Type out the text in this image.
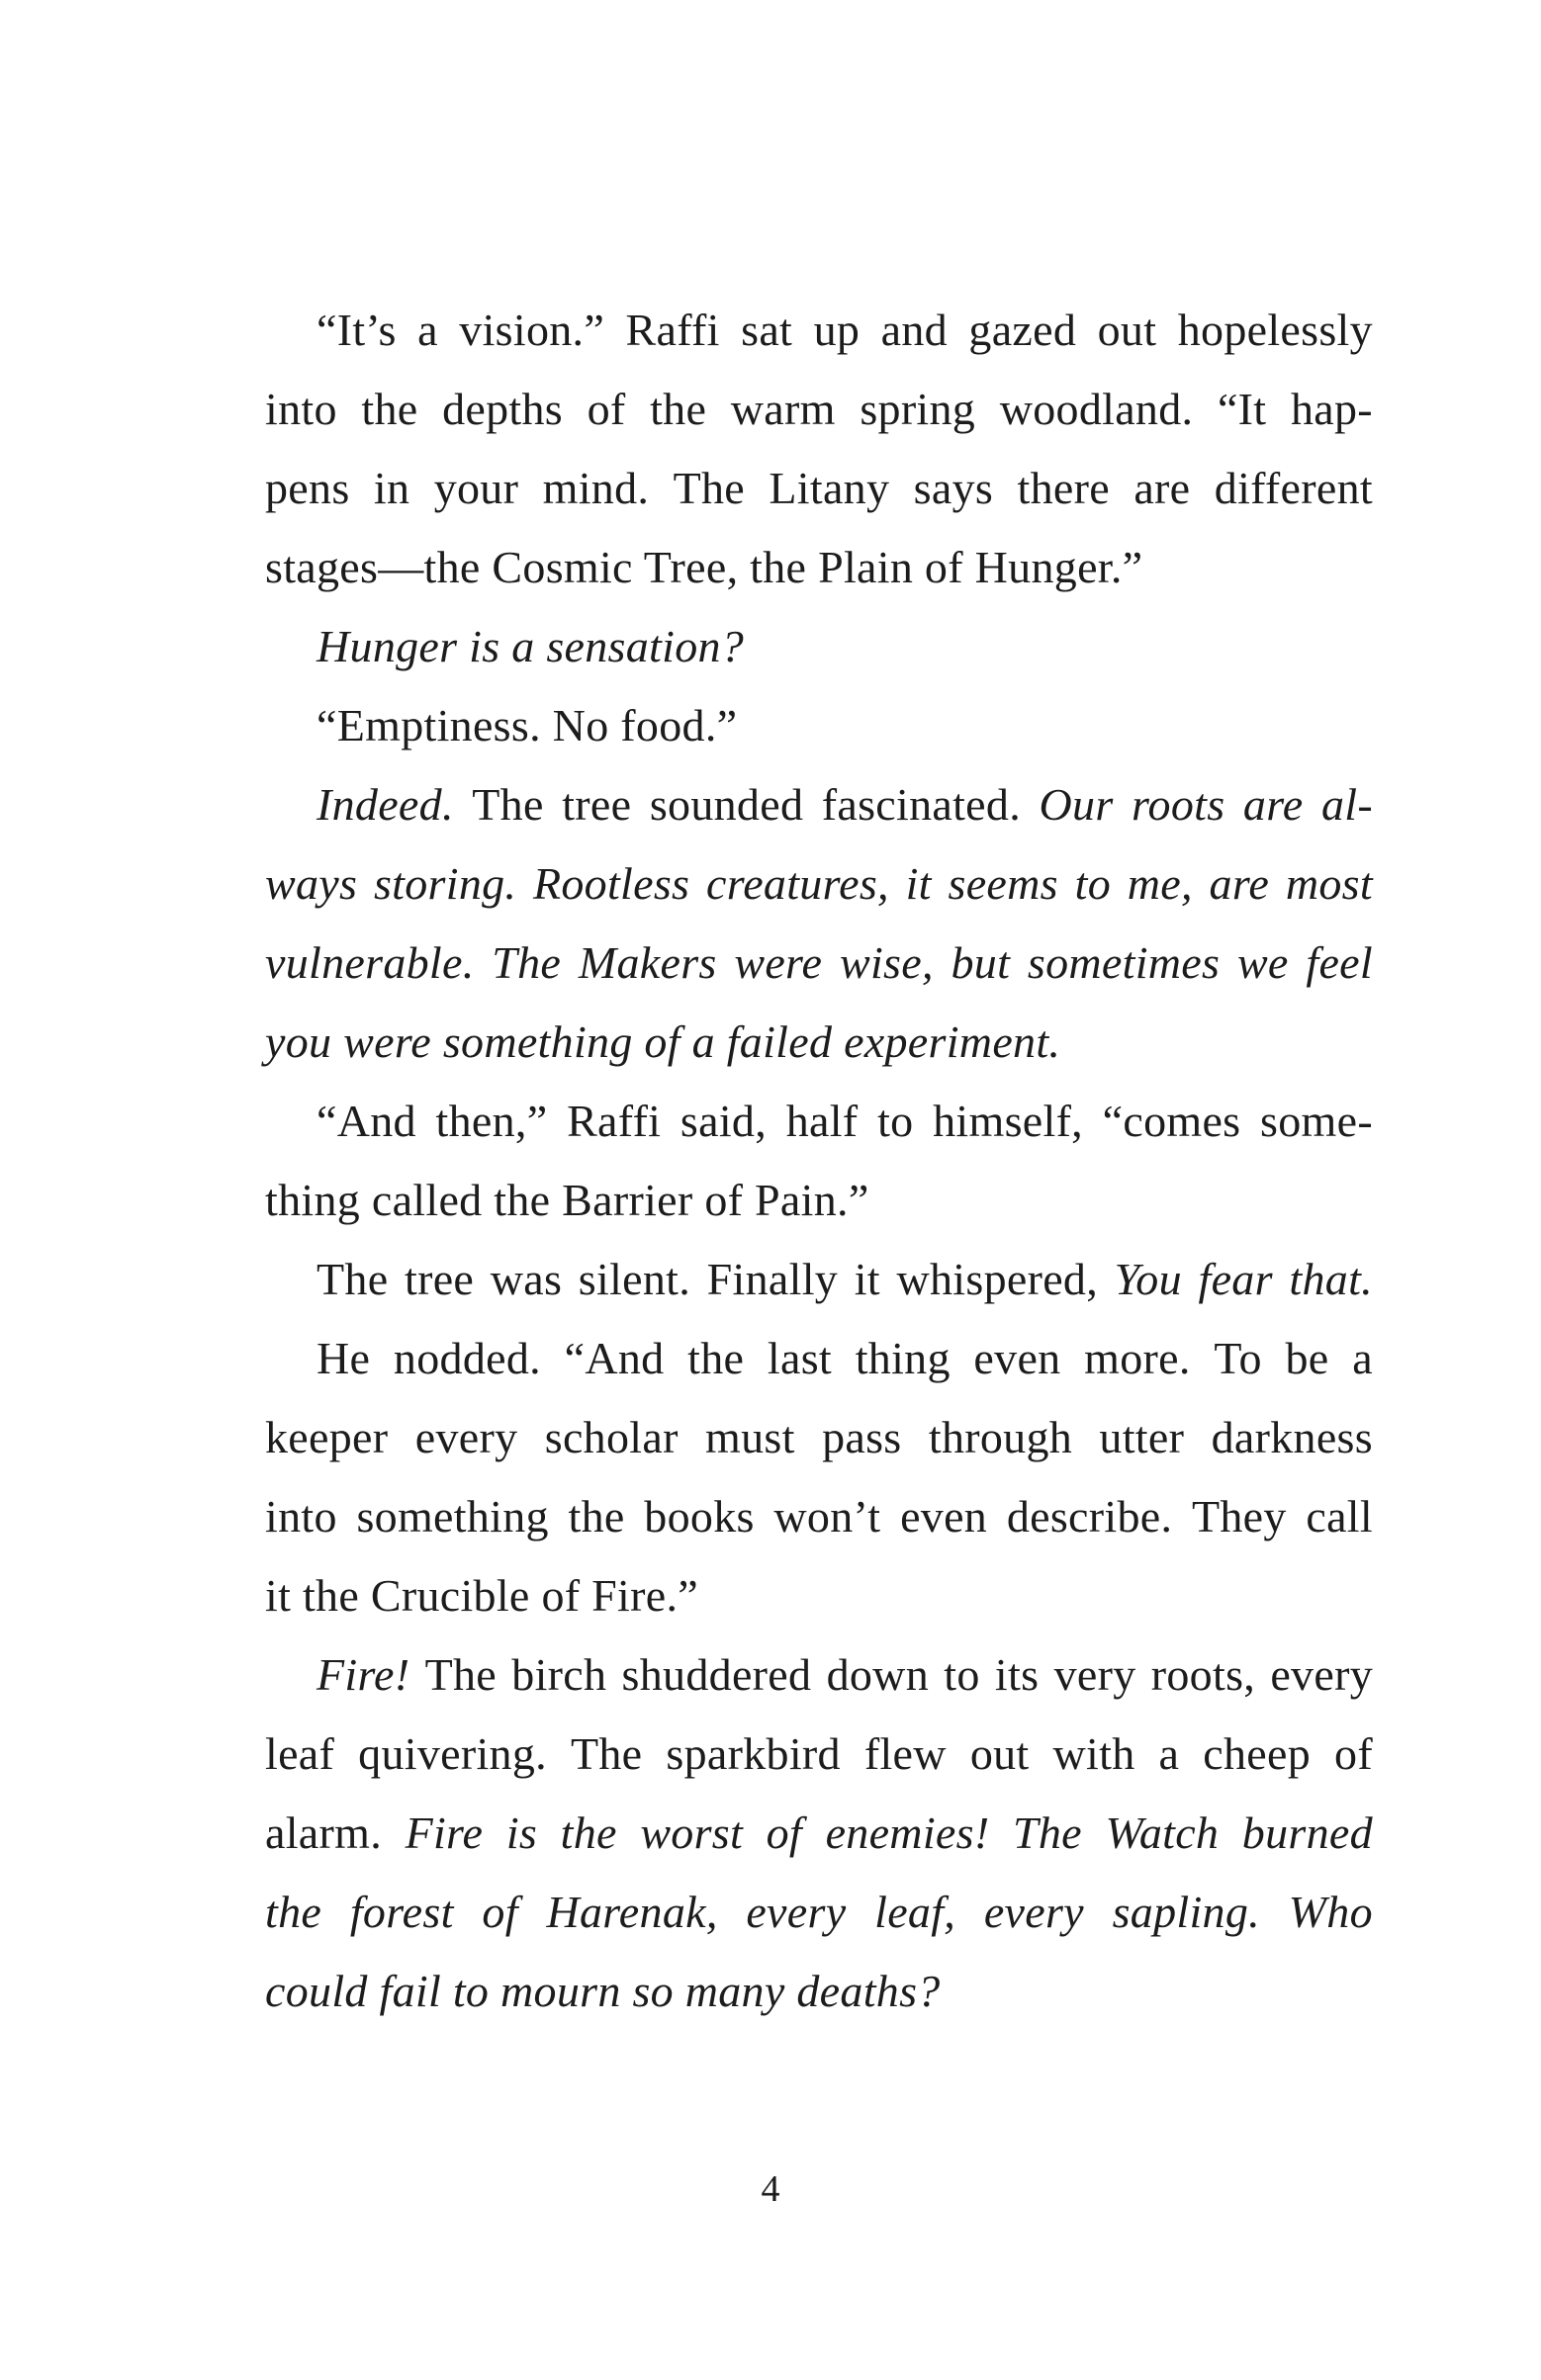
“It’s a vision.” Raffi sat up and gazed out hopelessly
into the depths of the warm spring woodland. “It hap-
pens in your mind. The Litany says there are different
stages—the Cosmic Tree, the Plain of Hunger.”
Hunger is a sensation?
“Emptiness. No food.”
Indeed. The tree sounded fascinated. Our roots are al-
ways storing. Rootless creatures, it seems to me, are most
vulnerable. The Makers were wise, but sometimes we feel
you were something of a failed experiment.
“And then,” Raffi said, half to himself, “comes some-
thing called the Barrier of Pain.”
The tree was silent. Finally it whispered, You fear that.
He nodded. “And the last thing even more. To be a
keeper every scholar must pass through utter darkness
into something the books won’t even describe. They call
it the Crucible of Fire.”
Fire! The birch shuddered down to its very roots, every
leaf quivering. The sparkbird flew out with a cheep of
alarm. Fire is the worst of enemies! The Watch burned
the forest of Harenak, every leaf, every sapling. Who
could fail to mourn so many deaths?
4
